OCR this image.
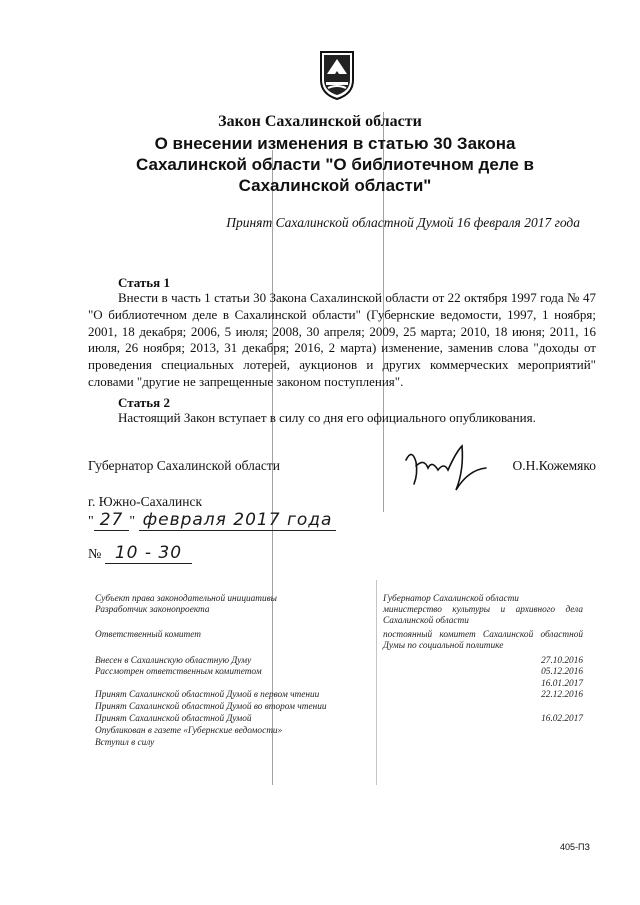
Закон Сахалинской области
О внесении изменения в статью 30 Закона Сахалинской области "О библиотечном деле в Сахалинской области"
Принят Сахалинской областной Думой 16 февраля 2017 года
Статья 1
Внести в часть 1 статьи 30 Закона Сахалинской области от 22 октября 1997 года № 47 "О библиотечном деле в Сахалинской области" (Губернские ведомости, 1997, 1 ноября; 2001, 18 декабря; 2006, 5 июля; 2008, 30 апреля; 2009, 25 марта; 2010, 18 июня; 2011, 16 июля, 26 ноября; 2013, 31 декабря; 2016, 2 марта) изменение, заменив слова "доходы от проведения специальных лотерей, аукционов и других коммерческих мероприятий" словами "другие не запрещенные законом поступления".
Статья 2
Настоящий Закон вступает в силу со дня его официального опубликования.
Губернатор Сахалинской области	О.Н.Кожемяко
г. Южно-Сахалинск
" 27 " февраля 2017 года
№ 10 - 30
Субъект права законодательной инициативы
Разработчик законопроекта
Ответственный комитет
Внесен в Сахалинскую областную Думу
Рассмотрен ответственным комитетом
Принят Сахалинской областной Думой в первом чтении
Принят Сахалинской областной Думой во втором чтении
Принят Сахалинской областной Думой
Опубликован в газете «Губернские ведомости»
Вступил в силу
Губернатор Сахалинской области
министерство культуры и архивного дела Сахалинской области
постоянный комитет Сахалинской областной Думы по социальной политике
27.10.2016
05.12.2016
16.01.2017
22.12.2016
16.02.2017
405-ПЗ
